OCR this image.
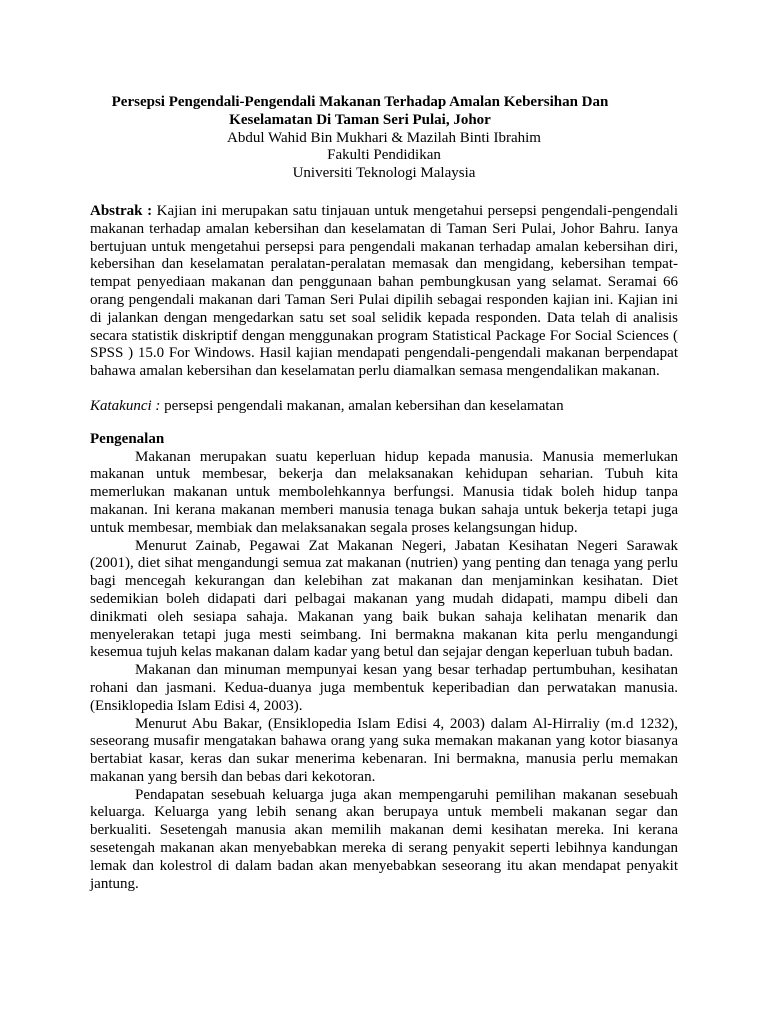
Persepsi Pengendali-Pengendali Makanan Terhadap Amalan Kebersihan Dan Keselamatan Di Taman Seri Pulai, Johor

Abdul Wahid Bin Mukhari & Mazilah Binti Ibrahim

Fakulti Pendidikan

Universiti Teknologi Malaysia

Abstrak : Kajian ini merupakan satu tinjauan untuk mengetahui persepsi pengendali-pengendali makanan terhadap amalan kebersihan dan keselamatan di Taman Seri Pulai, Johor Bahru. Ianya bertujuan untuk mengetahui persepsi para pengendali makanan terhadap amalan kebersihan diri, kebersihan dan keselamatan peralatan-peralatan memasak dan mengidang, kebersihan tempat-tempat penyediaan makanan dan penggunaan bahan pembungkusan yang selamat. Seramai 66 orang pengendali makanan dari Taman Seri Pulai dipilih sebagai responden kajian ini. Kajian ini di jalankan dengan mengedarkan satu set soal selidik kepada responden. Data telah di analisis secara statistik diskriptif dengan menggunakan program Statistical Package For Social Sciences ( SPSS ) 15.0 For Windows. Hasil kajian mendapati pengendali-pengendali makanan berpendapat bahawa amalan kebersihan dan keselamatan perlu diamalkan semasa mengendalikan makanan.

Katakunci : persepsi pengendali makanan, amalan kebersihan dan keselamatan

Pengenalan

Makanan merupakan suatu keperluan hidup kepada manusia. Manusia memerlukan makanan untuk membesar, bekerja dan melaksanakan kehidupan seharian. Tubuh kita memerlukan makanan untuk membolehkannya berfungsi. Manusia tidak boleh hidup tanpa makanan. Ini kerana makanan memberi manusia tenaga bukan sahaja untuk bekerja tetapi juga untuk membesar, membiak dan melaksanakan segala proses kelangsungan hidup.

Menurut Zainab, Pegawai Zat Makanan Negeri, Jabatan Kesihatan Negeri Sarawak (2001), diet sihat mengandungi semua zat makanan (nutrien) yang penting dan tenaga yang perlu bagi mencegah kekurangan dan kelebihan zat makanan dan menjaminkan kesihatan. Diet sedemikian boleh didapati dari pelbagai makanan yang mudah didapati, mampu dibeli dan dinikmati oleh sesiapa sahaja. Makanan yang baik bukan sahaja kelihatan menarik dan menyelerakan tetapi juga mesti seimbang. Ini bermakna makanan kita perlu mengandungi kesemua tujuh kelas makanan dalam kadar yang betul dan sejajar dengan keperluan tubuh badan.

Makanan dan minuman mempunyai kesan yang besar terhadap pertumbuhan, kesihatan rohani dan jasmani. Kedua-duanya juga membentuk keperibadian dan perwatakan manusia. (Ensiklopedia Islam Edisi 4, 2003).

Menurut Abu Bakar, (Ensiklopedia Islam Edisi 4, 2003) dalam Al-Hirraliy (m.d 1232), seseorang musafir mengatakan bahawa orang yang suka memakan makanan yang kotor biasanya bertabiat kasar, keras dan sukar menerima kebenaran. Ini bermakna, manusia perlu memakan makanan yang bersih dan bebas dari kekotoran.

Pendapatan sesebuah keluarga juga akan mempengaruhi pemilihan makanan sesebuah keluarga. Keluarga yang lebih senang akan berupaya untuk membeli makanan segar dan berkualiti. Sesetengah manusia akan memilih makanan demi kesihatan mereka. Ini kerana sesetengah makanan akan menyebabkan mereka di serang penyakit seperti lebihnya kandungan lemak dan kolestrol di dalam badan akan menyebabkan seseorang itu akan mendapat penyakit jantung.
